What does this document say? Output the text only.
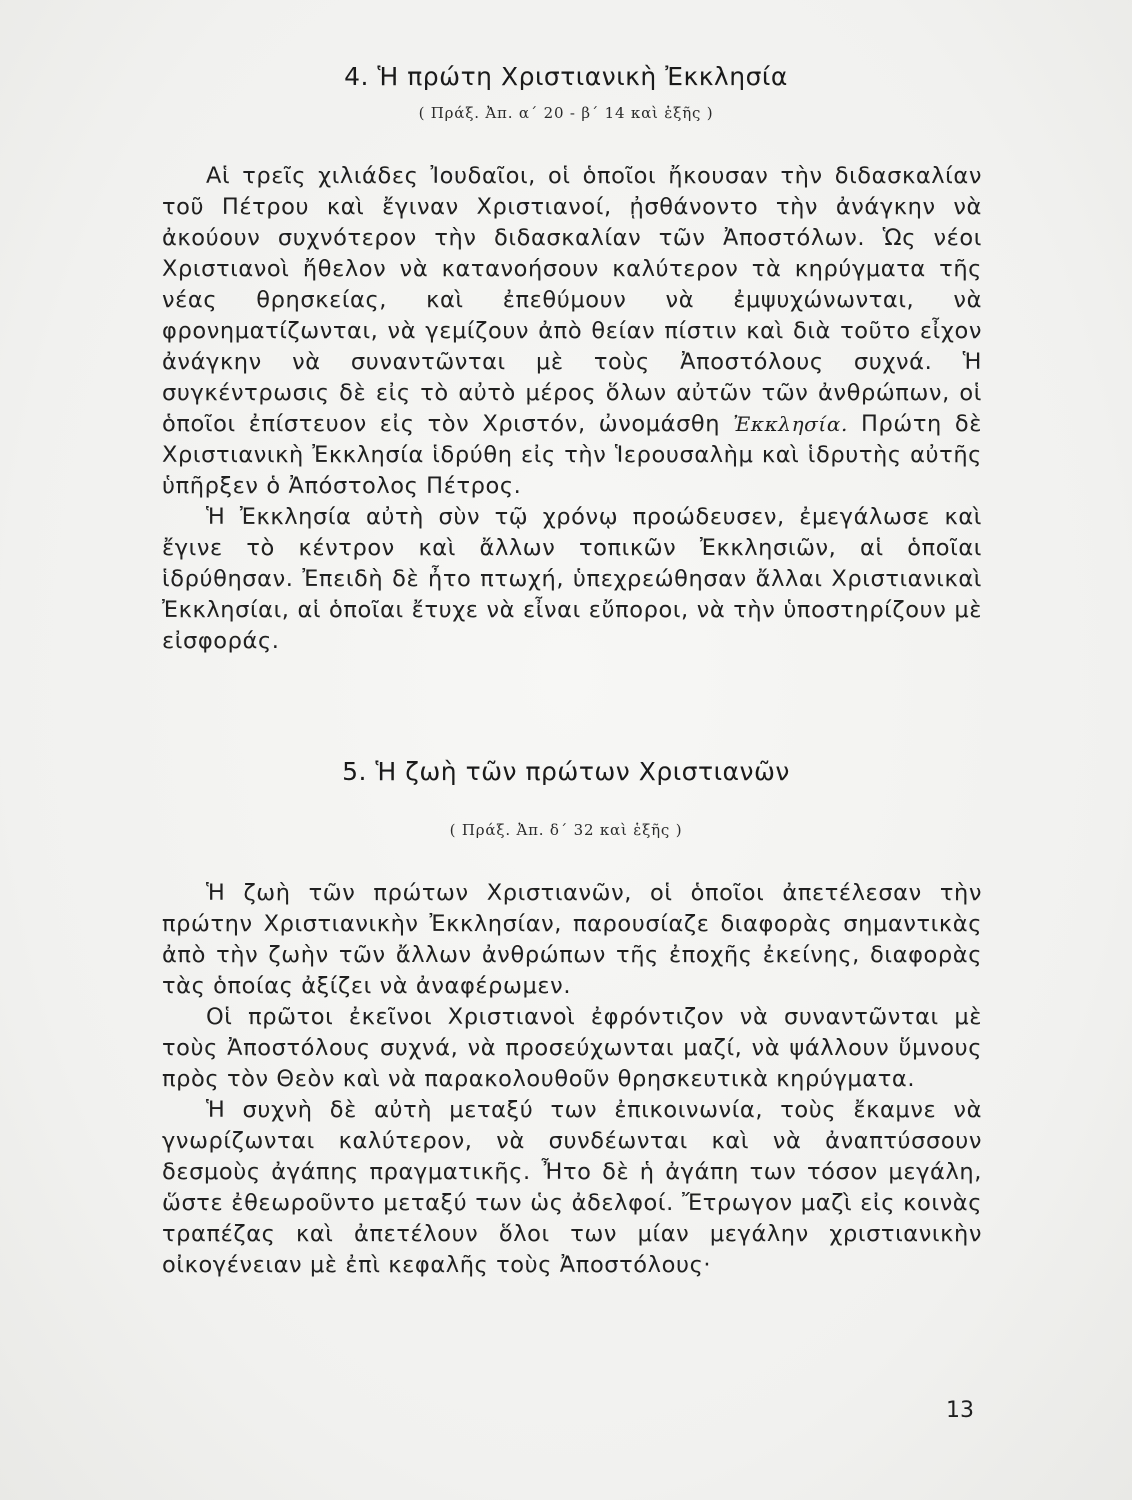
4. Ἡ πρώτη Χριστιανικὴ Ἐκκλησία
( Πράξ. Ἀπ. α΄ 20 - β΄ 14 καὶ ἑξῆς )

Αἱ τρεῖς χιλιάδες Ἰουδαῖοι, οἱ ὁποῖοι ἤκουσαν τὴν διδασκαλίαν τοῦ Πέτρου καὶ ἔγιναν Χριστιανοί, ᾐσθάνοντο τὴν ἀνάγκην νὰ ἀκούουν συχνότερον τὴν διδασκαλίαν τῶν Ἀποστόλων. Ὡς νέοι Χριστιανοὶ ἤθελον νὰ κατανοήσουν καλύτερον τὰ κηρύγματα τῆς νέας θρησκείας, καὶ ἐπεθύμουν νὰ ἐμψυχώνωνται, νὰ φρονηματίζωνται, νὰ γεμίζουν ἀπὸ θείαν πίστιν καὶ διὰ τοῦτο εἶχον ἀνάγκην νὰ συναντῶνται μὲ τοὺς Ἀποστόλους συχνά. Ἡ συγκέντρωσις δὲ εἰς τὸ αὐτὸ μέρος ὅλων αὐτῶν τῶν ἀνθρώπων, οἱ ὁποῖοι ἐπίστευον εἰς τὸν Χριστόν, ὠνομάσθη Ἐκκλησία. Πρώτη δὲ Χριστιανικὴ Ἐκκλησία ἱδρύθη εἰς τὴν Ἱερουσαλὴμ καὶ ἱδρυτὴς αὐτῆς ὑπῆρξεν ὁ Ἀπόστολος Πέτρος.

Ἡ Ἐκκλησία αὐτὴ σὺν τῷ χρόνῳ προώδευσεν, ἐμεγάλωσε καὶ ἔγινε τὸ κέντρον καὶ ἄλλων τοπικῶν Ἐκκλησιῶν, αἱ ὁποῖαι ἱδρύθησαν. Ἐπειδὴ δὲ ἦτο πτωχή, ὑπεχρεώθησαν ἄλλαι Χριστιανικαὶ Ἐκκλησίαι, αἱ ὁποῖαι ἔτυχε νὰ εἶναι εὔποροι, νὰ τὴν ὑποστηρίζουν μὲ εἰσφοράς.

5. Ἡ ζωὴ τῶν πρώτων Χριστιανῶν
( Πράξ. Ἀπ. δ΄ 32 καὶ ἑξῆς )

Ἡ ζωὴ τῶν πρώτων Χριστιανῶν, οἱ ὁποῖοι ἀπετέλεσαν τὴν πρώτην Χριστιανικὴν Ἐκκλησίαν, παρουσίαζε διαφορὰς σημαντικὰς ἀπὸ τὴν ζωὴν τῶν ἄλλων ἀνθρώπων τῆς ἐποχῆς ἐκείνης, διαφορὰς τὰς ὁποίας ἀξίζει νὰ ἀναφέρωμεν.

Οἱ πρῶτοι ἐκεῖνοι Χριστιανοὶ ἐφρόντιζον νὰ συναντῶνται μὲ τοὺς Ἀποστόλους συχνά, νὰ προσεύχωνται μαζί, νὰ ψάλλουν ὕμνους πρὸς τὸν Θεὸν καὶ νὰ παρακολουθοῦν θρησκευτικὰ κηρύγματα.

Ἡ συχνὴ δὲ αὐτὴ μεταξύ των ἐπικοινωνία, τοὺς ἔκαμνε νὰ γνωρίζωνται καλύτερον, νὰ συνδέωνται καὶ νὰ ἀναπτύσσουν δεσμοὺς ἀγάπης πραγματικῆς. Ἦτο δὲ ἡ ἀγάπη των τόσον μεγάλη, ὥστε ἐθεωροῦντο μεταξύ των ὡς ἀδελφοί. Ἔτρωγον μαζὶ εἰς κοινὰς τραπέζας καὶ ἀπετέλουν ὅλοι των μίαν μεγάλην χριστιανικὴν οἰκογένειαν μὲ ἐπὶ κεφαλῆς τοὺς Ἀποστόλους·

13
